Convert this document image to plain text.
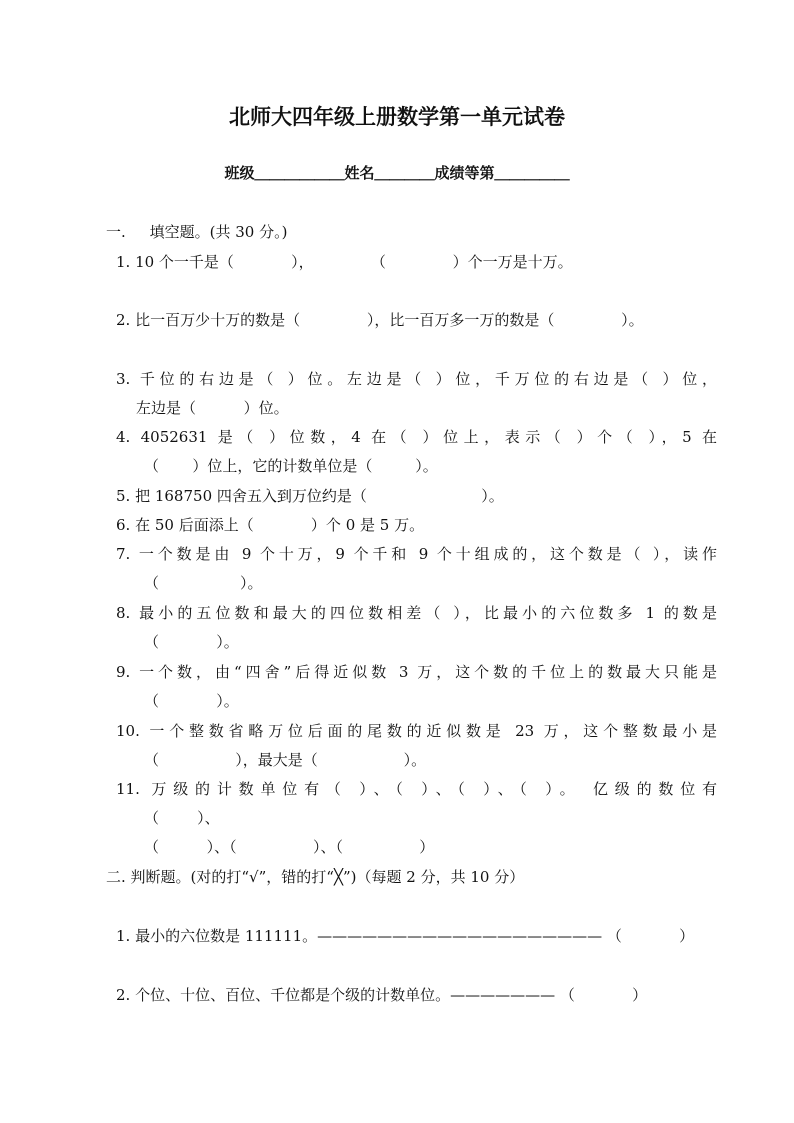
北师大四年级上册数学第一单元试卷
班级＿＿＿＿＿＿姓名＿＿＿＿成绩等第＿＿＿＿＿
一.     填空题。(共 30 分。)
1. 10 个一千是（            ），            （              ）个一万是十万。
2. 比一百万少十万的数是（              ），比一百万多一万的数是（              ）。
3. 千位的右边是（ ）位。左边是（ ）位，千万位的右边是（ ）位，
左边是（          ）位。
4. 4052631 是（ ）位数，4 在（ ）位上，表示（ ）个（ ），5 在
（       ）位上，它的计数单位是（         ）。
5. 把 168750 四舍五入到万位约是（                        ）。
6. 在 50 后面添上（            ）个 0 是 5 万。
7. 一个数是由 9 个十万，9 个千和 9 个十组成的，这个数是（ ），读作
（                 ）。
8. 最小的五位数和最大的四位数相差（ ），比最小的六位数多 1 的数是
（            ）。
9. 一个数，由“四舍”后得近似数 3 万，这个数的千位上的数最大只能是
（            ）。
10. 一个整数省略万位后面的尾数的近似数是 23 万，这个整数最小是
（                ），最大是（                  ）。
11. 万级的计数单位有（ ）、（ ）、（ ）、（ ）。 亿级的数位有
（        ）、
（          ）、（                ）、（                ）
二. 判断题。(对的打“√”，错的打“╳”)（每题 2 分，共 10 分）
1. 最小的六位数是 111111。——————————————————— （            ）
2. 个位、十位、百位、千位都是个级的计数单位。——————— （            ）
